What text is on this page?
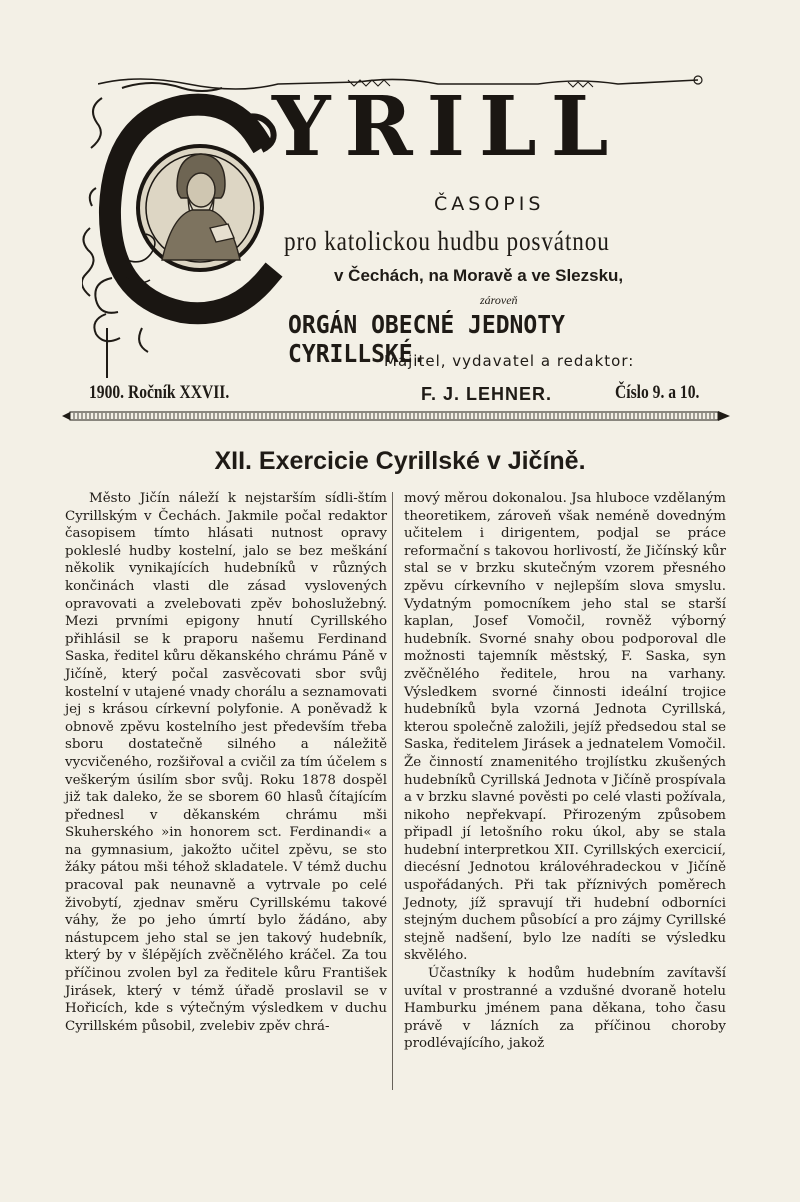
YRILL
ČASOPIS
pro katolickou hudbu posvátnou
v Čechách, na Moravě a ve Slezsku,
zároveň
ORGÁN OBECNÉ JEDNOTY CYRILLSKÉ.
Majitel, vydavatel a redaktor:
1900. Ročník XXVII.	F. J. LEHNER.	Číslo 9. a 10.
XII. Exercicie Cyrillské v Jičíně.

Město Jičín náleží k nejstarším sídli-štím Cyrillským v Čechách. Jakmile počal redaktor časopisem tímto hlásati nutnost opravy pokleslé hudby kostelní, jalo se bez meškání několik vynikajících hudebníků v různých končinách vlasti dle zásad vyslovených opravovati a zvelebovati zpěv bohoslužebný. Mezi prvními epigony hnutí Cyrillského přihlásil se k praporu našemu Ferdinand Saska, ředitel kůru děkanského chrámu Páně v Jičíně, který počal zasvěcovati sbor svůj kostelní v utajené vnady chorálu a seznamovati jej s krásou církevní polyfonie. A poněvadž k obnově zpěvu kostelního jest především třeba sboru dostatečně silného a náležitě vycvičeného, rozšiřoval a cvičil za tím účelem s veškerým úsilím sbor svůj. Roku 1878 dospěl již tak daleko, že se sborem 60 hlasů čítajícím přednesl v děkanském chrámu mši Skuherského »in honorem sct. Ferdinandi« a na gymnasium, jakožto učitel zpěvu, se sto žáky pátou mši téhož skladatele. V témž duchu pracoval pak neunavně a vytrvale po celé živobytí, zjednav směru Cyrillskému takové váhy, že po jeho úmrtí bylo žádáno, aby nástupcem jeho stal se jen takový hudebník, který by v šlépějích zvěčnělého kráčel. Za tou příčinou zvolen byl za ředitele kůru František Jirásek, který v témž úřadě proslavil se v Hořicích, kde s výtečným výsledkem v duchu Cyrillském působil, zvelebiv zpěv chrá-

mový měrou dokonalou. Jsa hluboce vzdělaným theoretikem, zároveň však neméně dovedným učitelem i dirigentem, podjal se práce reformační s takovou horlivostí, že Jičínský kůr stal se v brzku skutečným vzorem přesného zpěvu církevního v nejlepším slova smyslu. Vydatným pomocníkem jeho stal se starší kaplan, Josef Vomočil, rovněž výborný hudebník. Svorné snahy obou podporoval dle možnosti tajemník městský, F. Saska, syn zvěčnělého ředitele, hrou na varhany. Výsledkem svorné činnosti ideální trojice hudebníků byla vzorná Jednota Cyrillská, kterou společně založili, jejíž předsedou stal se Saska, ředitelem Jirásek a jednatelem Vomočil. Že činností znamenitého trojlístku zkušených hudebníků Cyrillská Jednota v Jičíně prospívala a v brzku slavné pověsti po celé vlasti požívala, nikoho nepřekvapí. Přirozeným způsobem připadl jí letošního roku úkol, aby se stala hudební interpretkou XII. Cyrillských exercicií, diecésní Jednotou královéhradeckou v Jičíně uspořádaných. Při tak příznivých poměrech Jednoty, jíž spravují tři hudební odborníci stejným duchem působící a pro zájmy Cyrillské stejně nadšení, bylo lze nadíti se výsledku skvělého.

Účastníky k hodům hudebním zavítavší uvítal v prostranné a vzdušné dvoraně hotelu Hamburku jménem pana děkana, toho času právě v lázních za příčinou choroby prodlévajícího, jakož
